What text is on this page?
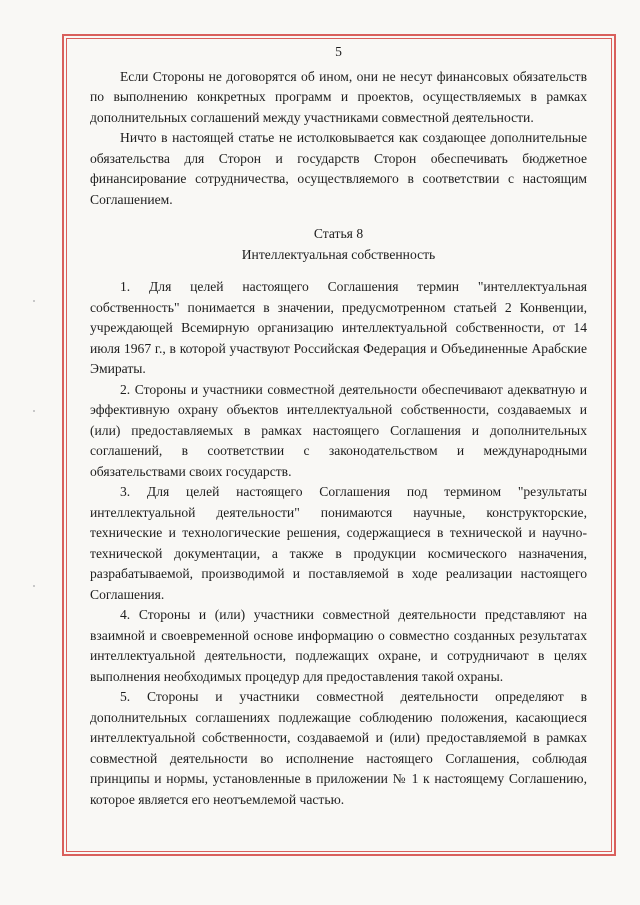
5

Если Стороны не договорятся об ином, они не несут финансовых обязательств по выполнению конкретных программ и проектов, осуществляемых в рамках дополнительных соглашений между участниками совместной деятельности.

Ничто в настоящей статье не истолковывается как создающее дополнительные обязательства для Сторон и государств Сторон обеспечивать бюджетное финансирование сотрудничества, осуществляемого в соответствии с настоящим Соглашением.

Статья 8

Интеллектуальная собственность

1. Для целей настоящего Соглашения термин "интеллектуальная собственность" понимается в значении, предусмотренном статьей 2 Конвенции, учреждающей Всемирную организацию интеллектуальной собственности, от 14 июля 1967 г., в которой участвуют Российская Федерация и Объединенные Арабские Эмираты.

2. Стороны и участники совместной деятельности обеспечивают адекватную и эффективную охрану объектов интеллектуальной собственности, создаваемых и (или) предоставляемых в рамках настоящего Соглашения и дополнительных соглашений, в соответствии с законодательством и международными обязательствами своих государств.

3. Для целей настоящего Соглашения под термином "результаты интеллектуальной деятельности" понимаются научные, конструкторские, технические и технологические решения, содержащиеся в технической и научно-технической документации, а также в продукции космического назначения, разрабатываемой, производимой и поставляемой в ходе реализации настоящего Соглашения.

4. Стороны и (или) участники совместной деятельности представляют на взаимной и своевременной основе информацию о совместно созданных результатах интеллектуальной деятельности, подлежащих охране, и сотрудничают в целях выполнения необходимых процедур для предоставления такой охраны.

5. Стороны и участники совместной деятельности определяют в дополнительных соглашениях подлежащие соблюдению положения, касающиеся интеллектуальной собственности, создаваемой и (или) предоставляемой в рамках совместной деятельности во исполнение настоящего Соглашения, соблюдая принципы и нормы, установленные в приложении № 1 к настоящему Соглашению, которое является его неотъемлемой частью.
